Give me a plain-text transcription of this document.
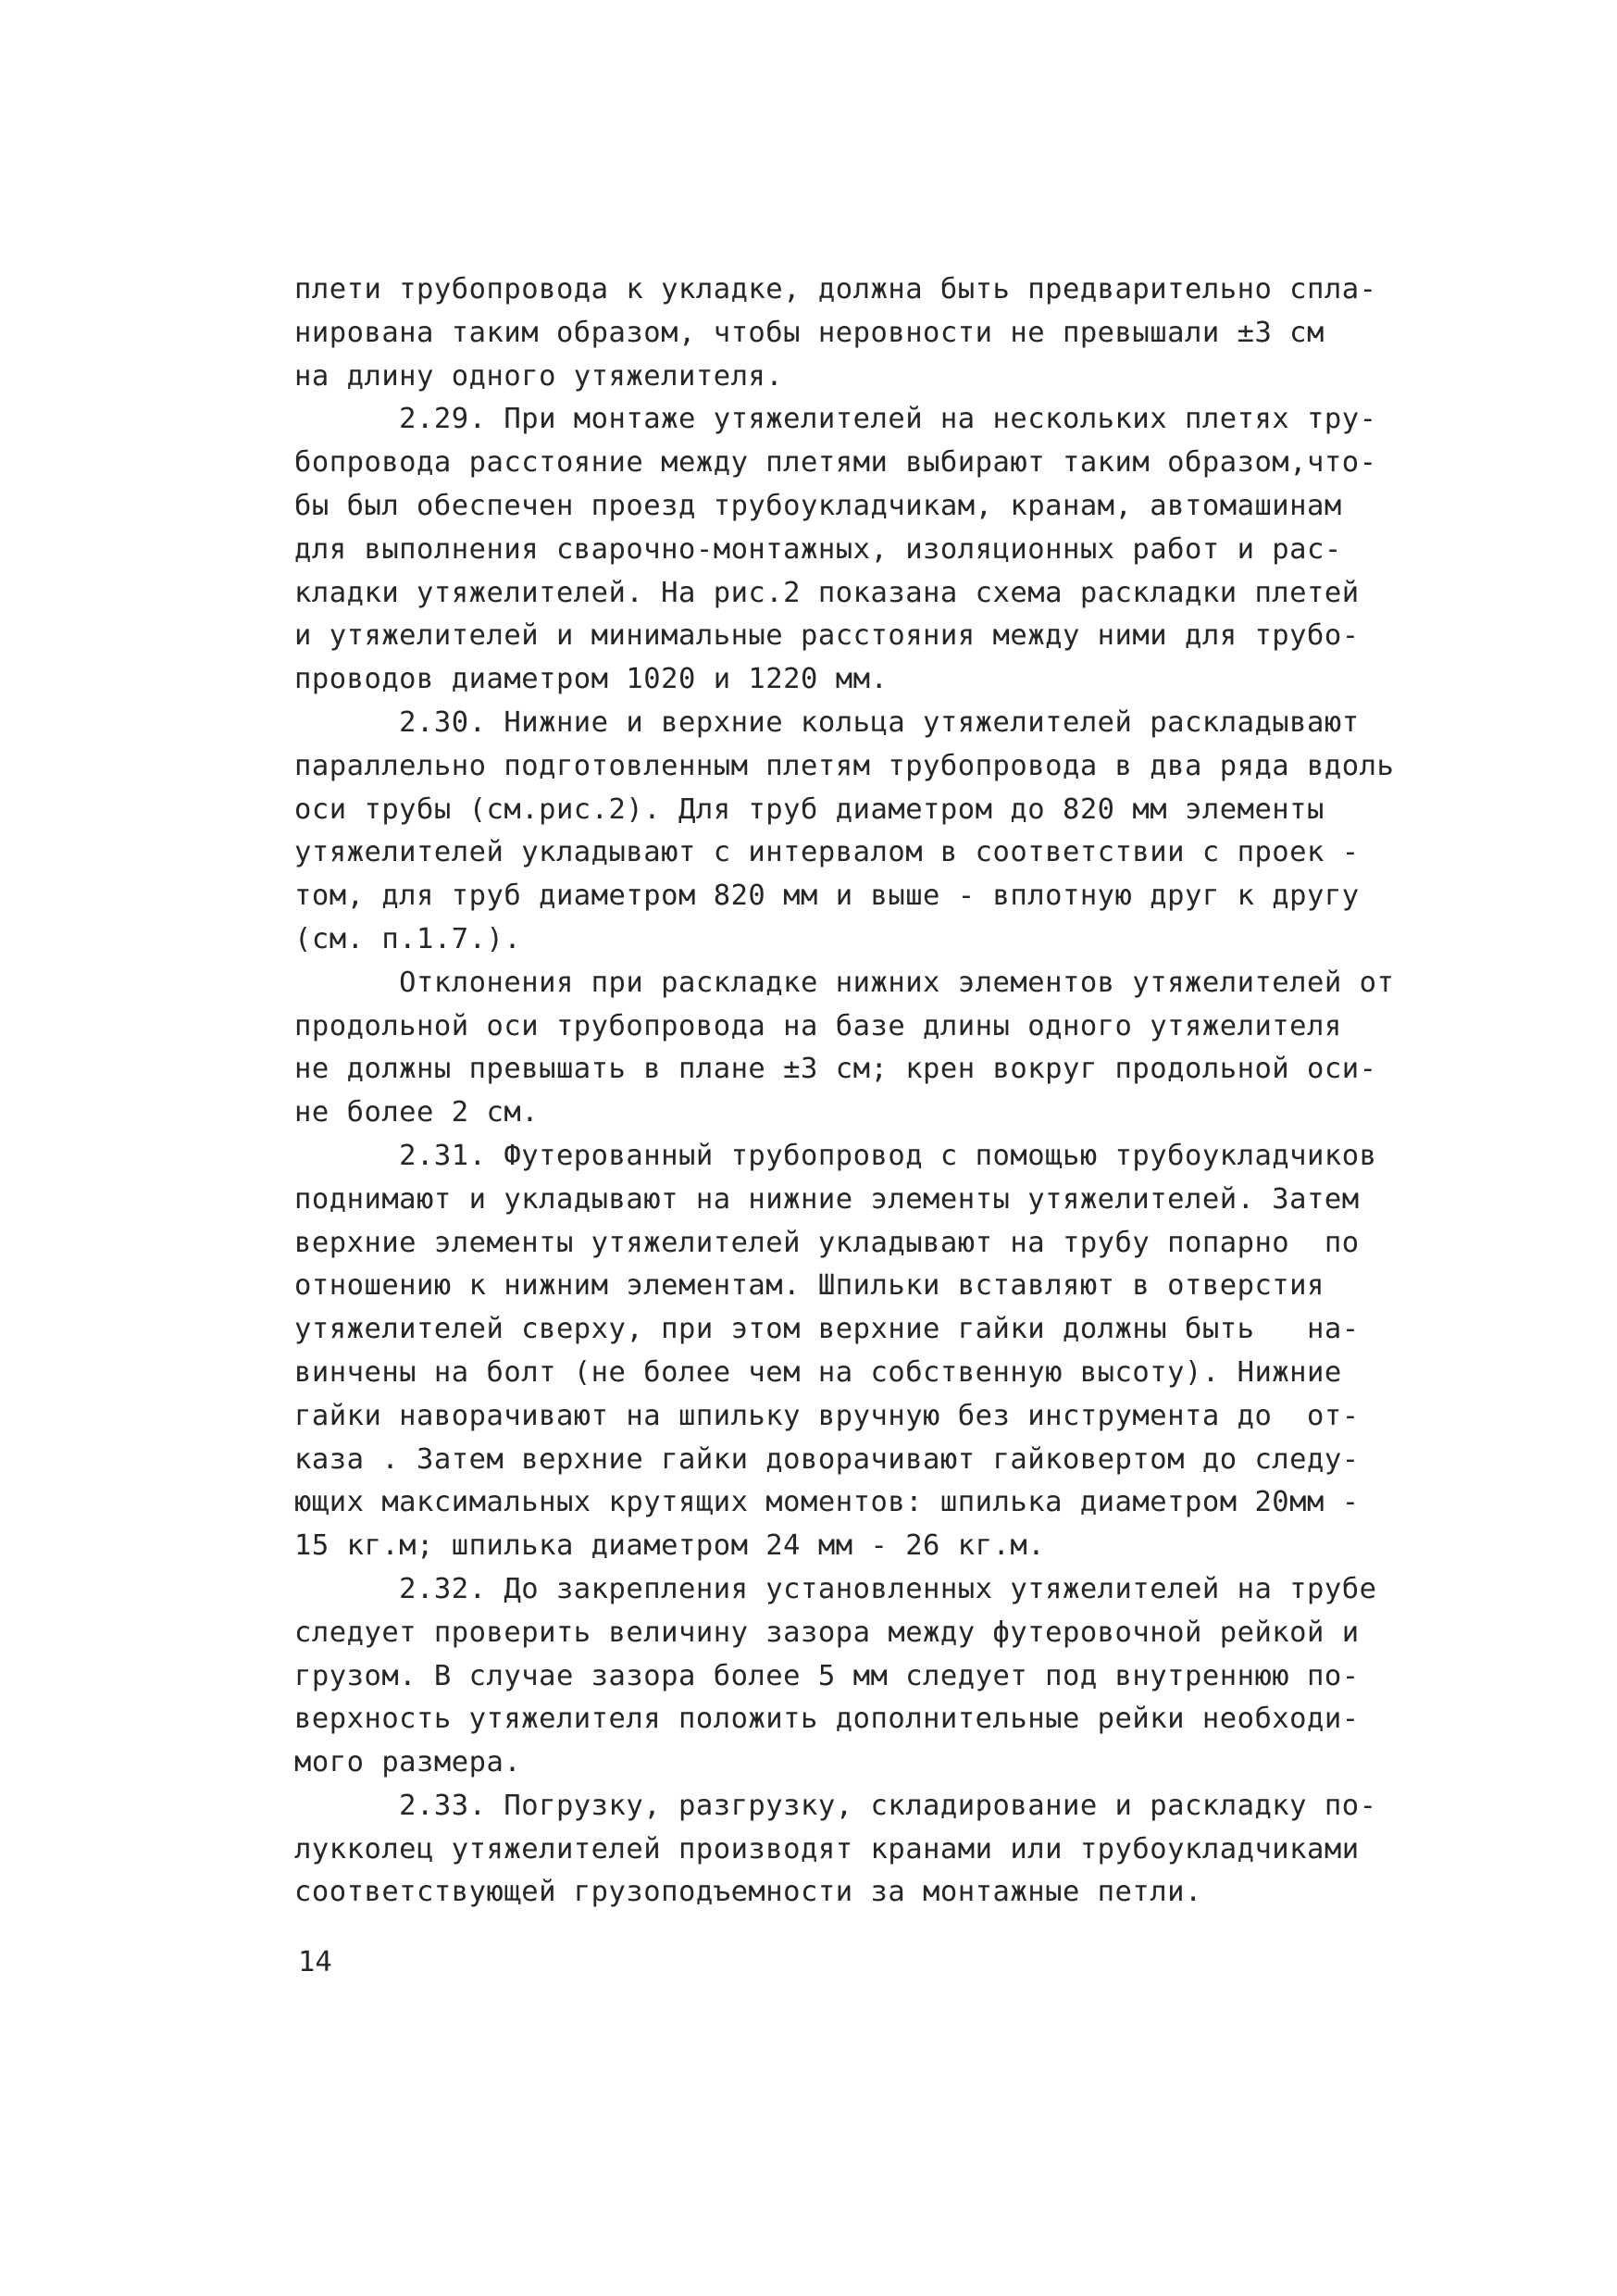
плети трубопровода к укладке, должна быть предварительно спла-
нирована таким образом, чтобы неровности не превышали ±3 см
на длину одного утяжелителя.
2.29. При монтаже утяжелителей на нескольких плетях тру-
бопровода расстояние между плетями выбирают таким образом,что-
бы был обеспечен проезд трубоукладчикам, кранам, автомашинам
для выполнения сварочно-монтажных, изоляционных работ и рас-
кладки утяжелителей. На рис.2 показана схема раскладки плетей
и утяжелителей и минимальные расстояния между ними для трубо-
проводов диаметром 1020 и 1220 мм.
2.30. Нижние и верхние кольца утяжелителей раскладывают
параллельно подготовленным плетям трубопровода в два ряда вдоль
оси трубы (см.рис.2). Для труб диаметром до 820 мм элементы
утяжелителей укладывают с интервалом в соответствии с проек -
том, для труб диаметром 820 мм и выше - вплотную друг к другу
(см. п.1.7.).
Отклонения при раскладке нижних элементов утяжелителей от
продольной оси трубопровода на базе длины одного утяжелителя
не должны превышать в плане ±3 см; крен вокруг продольной оси-
не более 2 см.
2.31. Футерованный трубопровод с помощью трубоукладчиков
поднимают и укладывают на нижние элементы утяжелителей. Затем
верхние элементы утяжелителей укладывают на трубу попарно  по
отношению к нижним элементам. Шпильки вставляют в отверстия
утяжелителей сверху, при этом верхние гайки должны быть   на-
винчены на болт (не более чем на собственную высоту). Нижние
гайки наворачивают на шпильку вручную без инструмента до  от-
каза . Затем верхние гайки доворачивают гайковертом до следу-
ющих максимальных крутящих моментов: шпилька диаметром 20мм -
15 кг.м; шпилька диаметром 24 мм - 26 кг.м.
2.32. До закрепления установленных утяжелителей на трубе
следует проверить величину зазора между футеровочной рейкой и
грузом. В случае зазора более 5 мм следует под внутреннюю по-
верхность утяжелителя положить дополнительные рейки необходи-
мого размера.
2.33. Погрузку, разгрузку, складирование и раскладку по-
лукколец утяжелителей производят кранами или трубоукладчиками
соответствующей грузоподъемности за монтажные петли.
14
